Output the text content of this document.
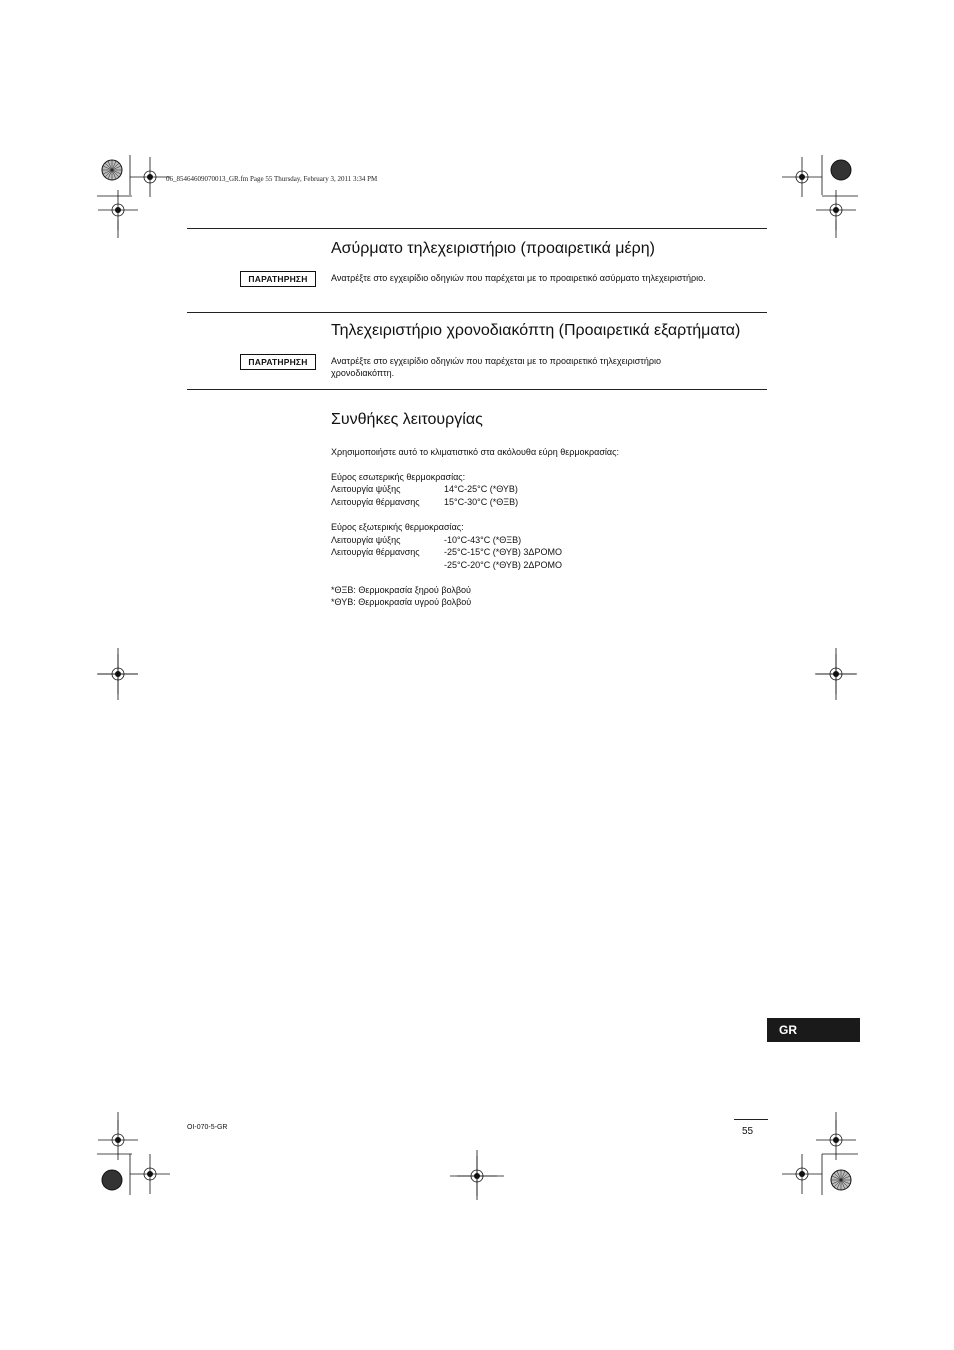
06_85464609070013_GR.fm Page 55 Thursday, February 3, 2011 3:34 PM
Ασύρματο τηλεχειριστήριο (προαιρετικά μέρη)
ΠΑΡΑΤΗΡΗΣΗ	Ανατρέξτε στο εγχειρίδιο οδηγιών που παρέχεται με το προαιρετικό ασύρματο τηλεχειριστήριο.
Τηλεχειριστήριο χρονοδιακόπτη (Προαιρετικά εξαρτήματα)
ΠΑΡΑΤΗΡΗΣΗ	Ανατρέξτε στο εγχειρίδιο οδηγιών που παρέχεται με το προαιρετικό τηλεχειριστήριο
χρονοδιακόπτη.
Συνθήκες λειτουργίας
Χρησιμοποιήστε αυτό το κλιματιστικό στα ακόλουθα εύρη θερμοκρασίας:
Εύρος εσωτερικής θερμοκρασίας:
Λειτουργία ψύξης	14°C-25°C (*ΘΥΒ)
Λειτουργία θέρμανσης	15°C-30°C (*ΘΞΒ)
Εύρος εξωτερικής θερμοκρασίας:
Λειτουργία ψύξης	-10°C-43°C (*ΘΞΒ)
Λειτουργία θέρμανσης	-25°C-15°C (*ΘΥΒ) 3ΔΡΟΜΟ
-25°C-20°C (*ΘΥΒ) 2ΔΡΟΜΟ
*ΘΞΒ: Θερμοκρασία ξηρού βολβού
*ΘΥΒ: Θερμοκρασία υγρού βολβού
GR
OI-070-5-GR	55
